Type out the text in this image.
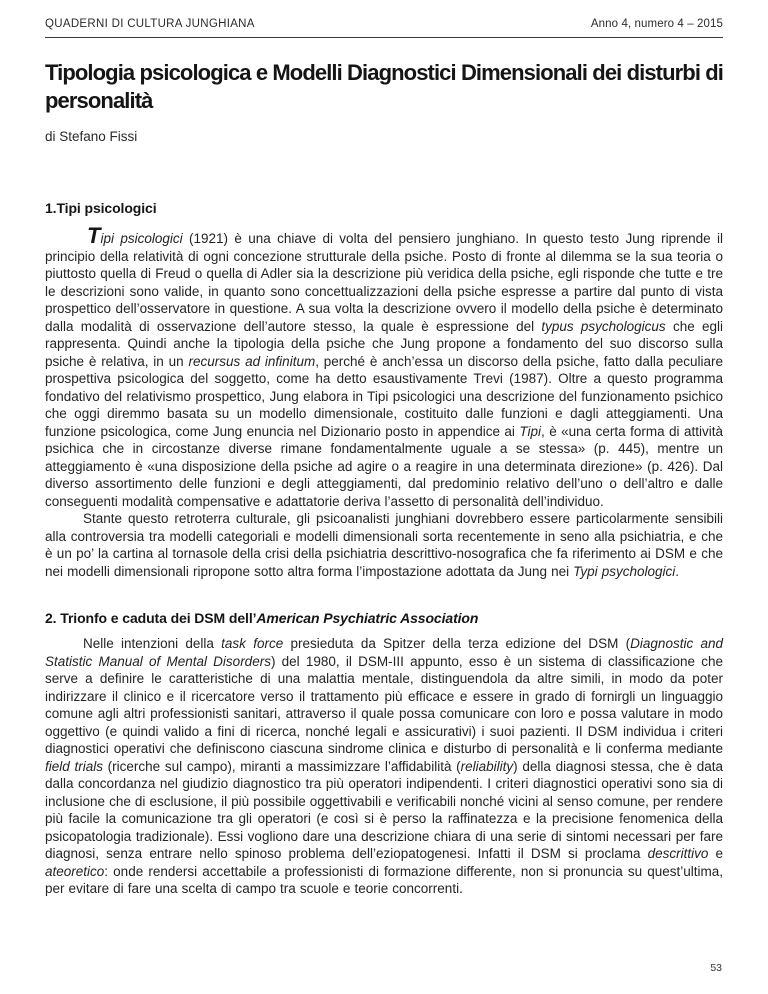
QUADERNI DI CULTURA JUNGHIANA	Anno 4, numero 4 – 2015
Tipologia psicologica e Modelli Diagnostici Dimensionali dei disturbi di personalità
di Stefano Fissi
1.Tipi psicologici

Tipi psicologici (1921) è una chiave di volta del pensiero junghiano. In questo testo Jung riprende il principio della relatività di ogni concezione strutturale della psiche. Posto di fronte al dilemma se la sua teoria o piuttosto quella di Freud o quella di Adler sia la descrizione più veridica della psiche, egli risponde che tutte e tre le descrizioni sono valide, in quanto sono concettualizzazioni della psiche espresse a partire dal punto di vista prospettico dell’osservatore in questione. A sua volta la descrizione ovvero il modello della psiche è determinato dalla modalità di osservazione dell’autore stesso, la quale è espressione del typus psychologicus che egli rappresenta. Quindi anche la tipologia della psiche che Jung propone a fondamento del suo discorso sulla psiche è relativa, in un recursus ad infinitum, perché è anch’essa un discorso della psiche, fatto dalla peculiare prospettiva psicologica del soggetto, come ha detto esaustivamente Trevi (1987). Oltre a questo programma fondativo del relativismo prospettico, Jung elabora in Tipi psicologici una descrizione del funzionamento psichico che oggi diremmo basata su un modello dimensionale, costituito dalle funzioni e dagli atteggiamenti. Una funzione psicologica, come Jung enuncia nel Dizionario posto in appendice ai Tipi, è «una certa forma di attività psichica che in circostanze diverse rimane fondamentalmente uguale a se stessa» (p. 445), mentre un atteggiamento è «una disposizione della psiche ad agire o a reagire in una determinata direzione» (p. 426). Dal diverso assortimento delle funzioni e degli atteggiamenti, dal predominio relativo dell’uno o dell’altro e dalle conseguenti modalità compensative e adattatorie deriva l’assetto di personalità dell’individuo.

Stante questo retroterra culturale, gli psicoanalisti junghiani dovrebbero essere particolarmente sensibili alla controversia tra modelli categoriali e modelli dimensionali sorta recentemente in seno alla psichiatria, e che è un po’ la cartina al tornasole della crisi della psichiatria descrittivo-nosografica che fa riferimento ai DSM e che nei modelli dimensionali ripropone sotto altra forma l’impostazione adottata da Jung nei Typi psychologici.

2. Trionfo e caduta dei DSM dell’American Psychiatric Association

Nelle intenzioni della task force presieduta da Spitzer della terza edizione del DSM (Diagnostic and Statistic Manual of Mental Disorders) del 1980, il DSM-III appunto, esso è un sistema di classificazione che serve a definire le caratteristiche di una malattia mentale, distinguendola da altre simili, in modo da poter indirizzare il clinico e il ricercatore verso il trattamento più efficace e essere in grado di fornirgli un linguaggio comune agli altri professionisti sanitari, attraverso il quale possa comunicare con loro e possa valutare in modo oggettivo (e quindi valido a fini di ricerca, nonché legali e assicurativi) i suoi pazienti. Il DSM individua i criteri diagnostici operativi che definiscono ciascuna sindrome clinica e disturbo di personalità e li conferma mediante field trials (ricerche sul campo), miranti a massimizzare l’affidabilità (reliability) della diagnosi stessa, che è data dalla concordanza nel giudizio diagnostico tra più operatori indipendenti. I criteri diagnostici operativi sono sia di inclusione che di esclusione, il più possibile oggettivabili e verificabili nonché vicini al senso comune, per rendere più facile la comunicazione tra gli operatori (e così si è perso la raffinatezza e la precisione fenomenica della psicopatologia tradizionale). Essi vogliono dare una descrizione chiara di una serie di sintomi necessari per fare diagnosi, senza entrare nello spinoso problema dell’eziopatogenesi. Infatti il DSM si proclama descrittivo e ateoretico: onde rendersi accettabile a professionisti di formazione differente, non si pronuncia su quest’ultima, per evitare di fare una scelta di campo tra scuole e teorie concorrenti.

53
